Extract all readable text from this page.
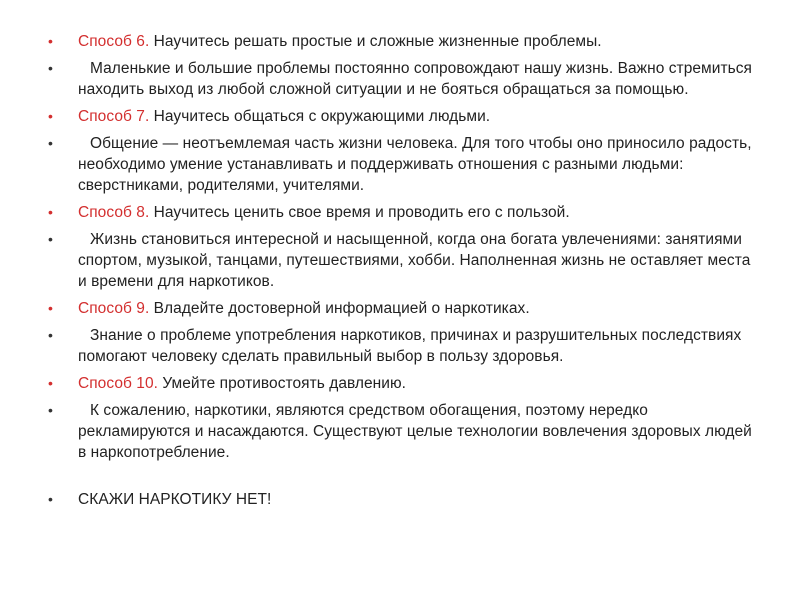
•	Способ 6. Научитесь решать простые и сложные жизненные проблемы.
•	Маленькие и большие проблемы постоянно сопровождают нашу жизнь. Важно стремиться находить выход из любой сложной ситуации и не бояться обращаться за помощью.
•	Способ 7. Научитесь общаться с окружающими людьми.
•	Общение — неотъемлемая часть жизни человека. Для того чтобы оно приносило радость, необходимо умение устанавливать и поддерживать отношения с разными людьми: сверстниками, родителями, учителями.
•	Способ 8. Научитесь ценить свое время и проводить его с пользой.
•	Жизнь становиться интересной и насыщенной, когда она богата увлечениями: занятиями спортом, музыкой, танцами, путешествиями, хобби. Наполненная жизнь не оставляет места и времени для наркотиков.
•	Способ 9. Владейте достоверной информацией о наркотиках.
•	Знание о проблеме употребления наркотиков, причинах и разрушительных последствиях помогают человеку сделать правильный выбор в пользу здоровья.
•	Способ 10. Умейте противостоять давлению.
•	К сожалению, наркотики, являются средством обогащения, поэтому нередко рекламируются и насаждаются. Существуют целые технологии вовлечения здоровых людей в наркопотребление.
•	СКАЖИ НАРКОТИКУ НЕТ!
